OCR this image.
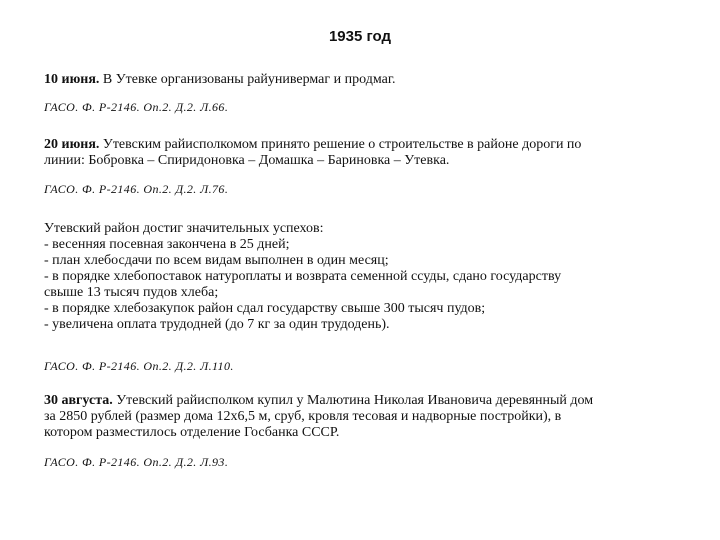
1935 год
10 июня. В Утевке организованы райунивермаг и продмаг.
ГАСО. Ф. Р-2146. Оп.2. Д.2. Л.66.
20 июня. Утевским райисполкомом принято решение о строительстве в районе дороги по
линии: Бобровка – Спиридоновка – Домашка – Бариновка – Утевка.
ГАСО. Ф. Р-2146. Оп.2. Д.2. Л.76.
Утевский район достиг значительных успехов:
- весенняя посевная закончена в 25 дней;
- план хлебосдачи по всем видам выполнен в один месяц;
- в порядке хлебопоставок натуроплаты и возврата семенной ссуды, сдано государству
свыше 13 тысяч пудов хлеба;
- в порядке хлебозакупок район сдал государству свыше 300 тысяч пудов;
- увеличена оплата трудодней (до 7 кг за один трудодень).
ГАСО. Ф. Р-2146. Оп.2. Д.2. Л.110.
30 августа. Утевский райисполком купил у Малютина Николая Ивановича деревянный дом
за 2850 рублей (размер дома 12х6,5 м, сруб, кровля тесовая и надворные постройки), в
котором разместилось отделение Госбанка СССР.
ГАСО. Ф. Р-2146. Оп.2. Д.2. Л.93.
